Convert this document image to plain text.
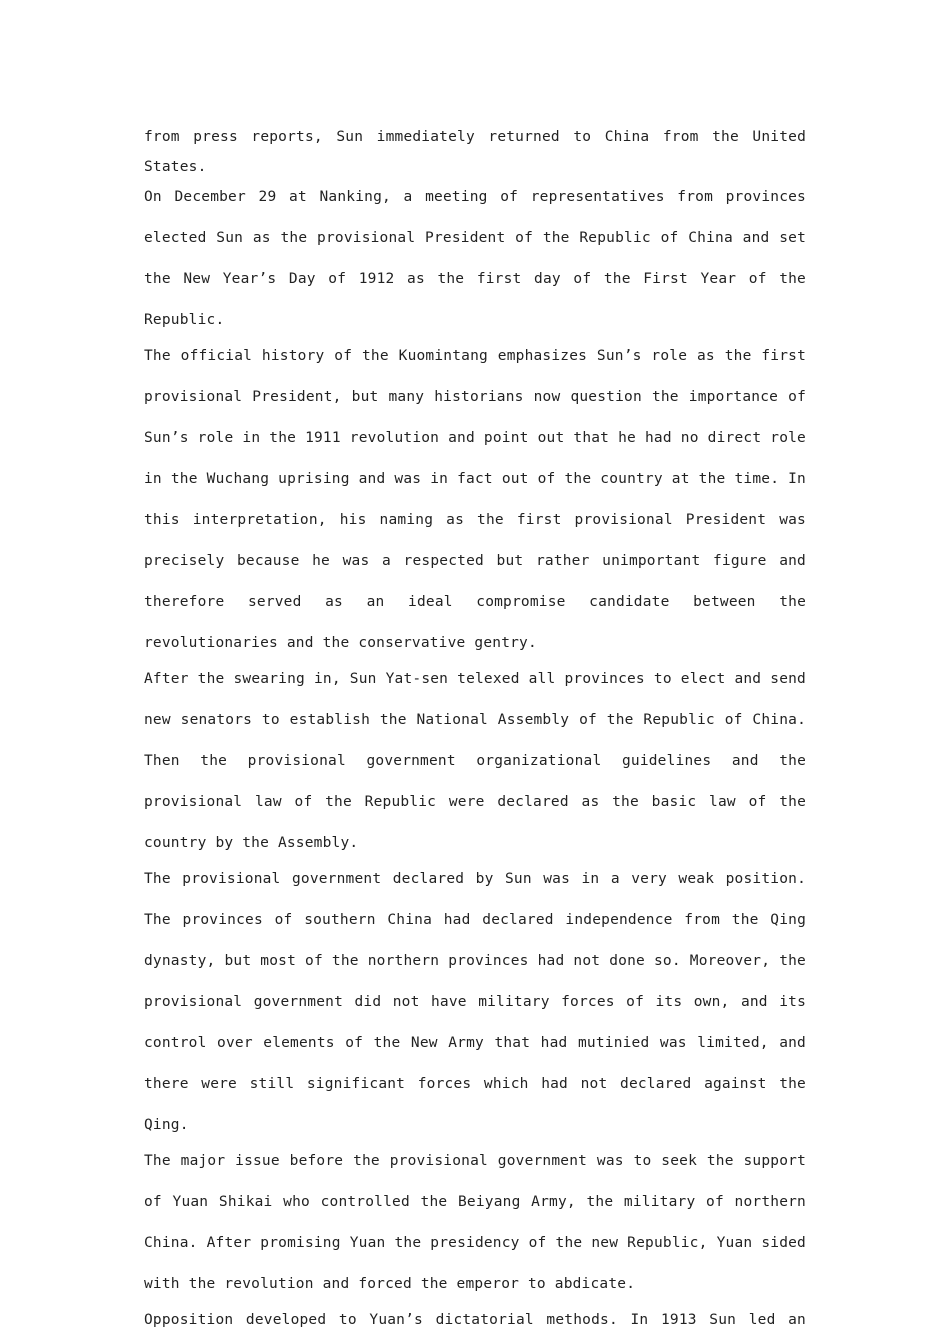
from press reports, Sun immediately returned to China from the United States.

On December 29 at Nanking, a meeting of representatives from provinces elected Sun as the provisional President of the Republic of China and set the New Year’s Day of 1912 as the first day of the First Year of the Republic.

The official history of the Kuomintang emphasizes Sun’s role as the first provisional President, but many historians now question the importance of Sun’s role in the 1911 revolution and point out that he had no direct role in the Wuchang uprising and was in fact out of the country at the time. In this interpretation, his naming as the first provisional President was precisely because he was a respected but rather unimportant figure and therefore served as an ideal compromise candidate between the revolutionaries and the conservative gentry.

After the swearing in, Sun Yat-sen telexed all provinces to elect and send new senators to establish the National Assembly of the Republic of China. Then the provisional government organizational guidelines and the provisional law of the Republic were declared as the basic law of the country by the Assembly.

The provisional government declared by Sun was in a very weak position. The provinces of southern China had declared independence from the Qing dynasty, but most of the northern provinces had not done so. Moreover, the provisional government did not have military forces of its own, and its control over elements of the New Army that had mutinied was limited, and there were still significant forces which had not declared against the Qing.

The major issue before the provisional government was to seek the support of Yuan Shikai who controlled the Beiyang Army, the military of northern China. After promising Yuan the presidency of the new Republic, Yuan sided with the revolution and forced the emperor to abdicate.

Opposition developed to Yuan’s dictatorial methods. In 1913 Sun led an
